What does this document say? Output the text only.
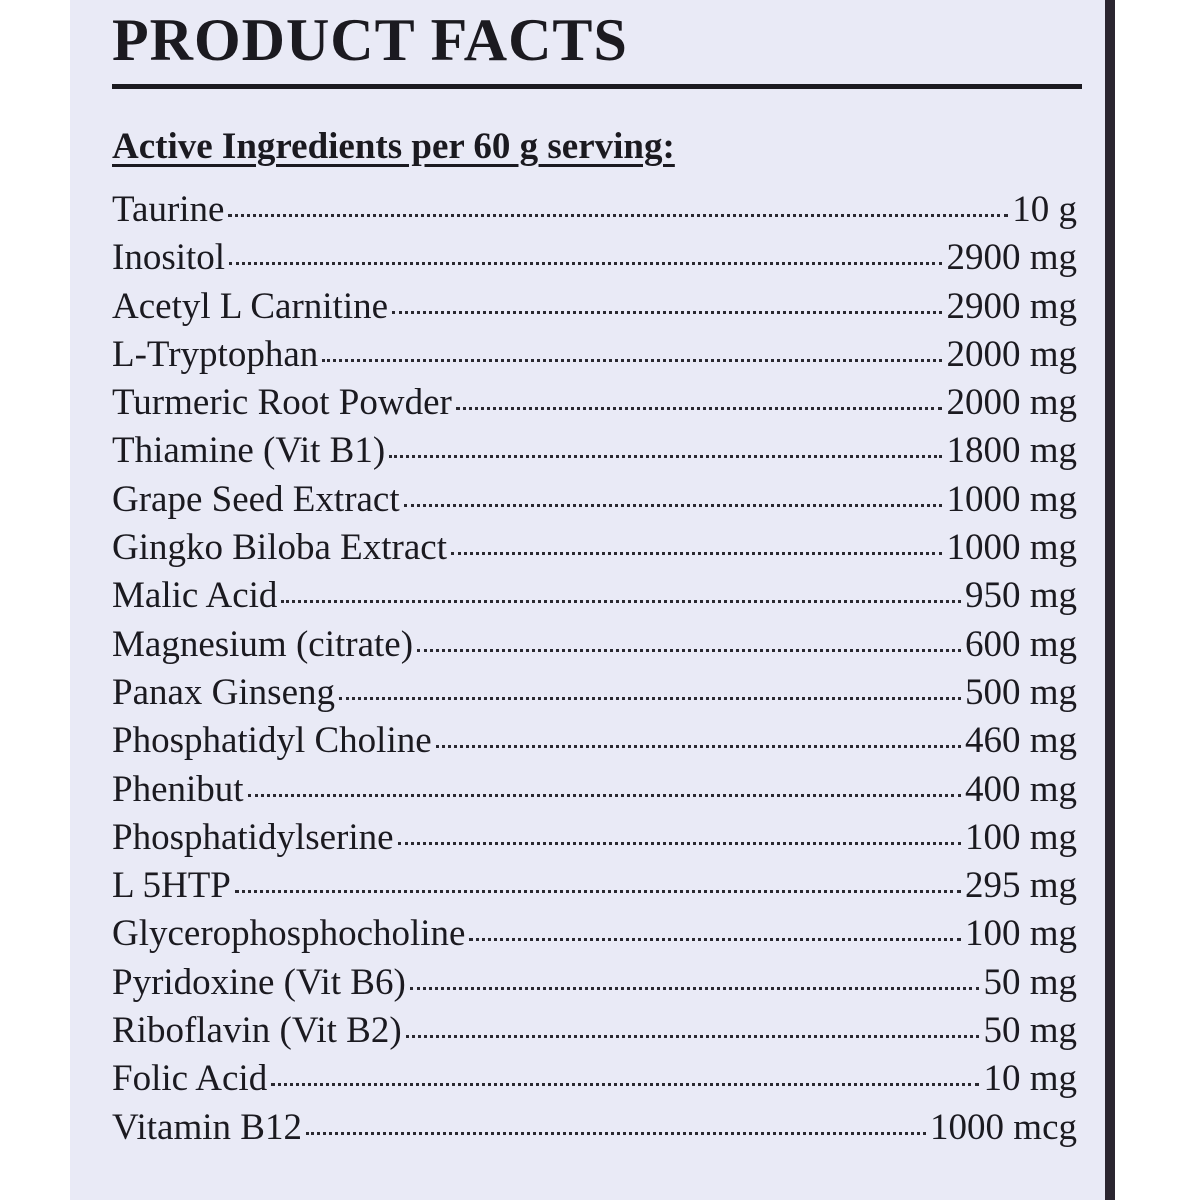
PRODUCT FACTS
Active Ingredients per 60 g serving:
Taurine	10 g
Inositol	2900 mg
Acetyl L Carnitine	2900 mg
L-Tryptophan	2000 mg
Turmeric Root Powder	2000 mg
Thiamine (Vit B1)	1800 mg
Grape Seed Extract	1000 mg
Gingko Biloba Extract	1000 mg
Malic Acid	950 mg
Magnesium (citrate)	600 mg
Panax Ginseng	500 mg
Phosphatidyl Choline	460 mg
Phenibut	400 mg
Phosphatidylserine	100 mg
L 5HTP	295 mg
Glycerophosphocholine	100 mg
Pyridoxine (Vit B6)	50 mg
Riboflavin (Vit B2)	50 mg
Folic Acid	10 mg
Vitamin B12	1000 mcg
